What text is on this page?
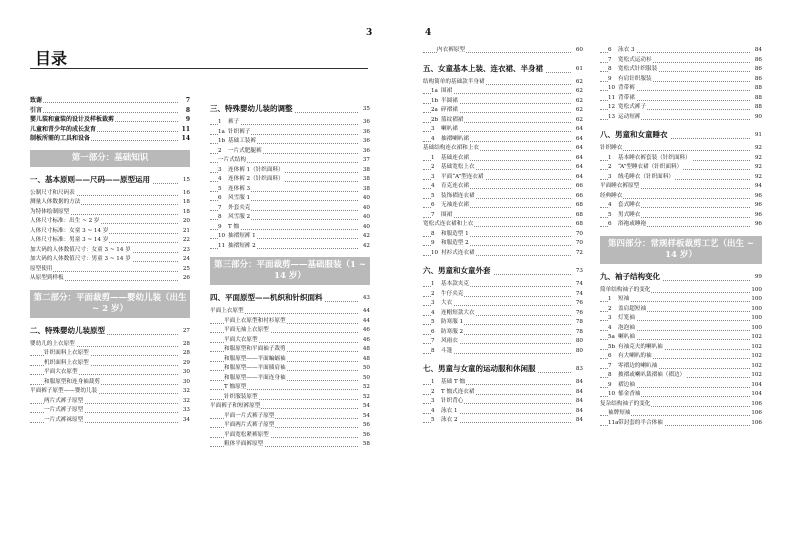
3
目录
致谢	7
引言	8
婴儿装和童装的设计及样板裁剪	9
儿童和青少年的成长发育	11
制板所需的工具和设备	14
第一部分：基础知识
一、基本原则——尺码——原型运用	15
公制尺寸和尺码表	16
测量人体数据的方法	18
为特体绘制原型	18
人体尺寸标准：出生 ~ 2 岁	20
人体尺寸标准：女童 3 ~ 14 岁	21
人体尺寸标准：男童 3 ~ 14 岁	22
加大码的人体数值尺寸：女童 3 ~ 14 岁	23
加大码的人体数值尺寸：男童 3 ~ 14 岁	24
原型使用	25
从原型到样板	26
第二部分：平面裁剪——婴幼儿装（出生 ~ 2 岁）
二、特殊婴幼儿装原型	27
婴幼儿的上衣原型	28
针织面料上衣原型	28
机织面料上衣原型	29
平面大衣原型	30
和服原型和连身袖裁剪	30
平面裤子原型——婴幼儿装	32
两片式裤子原型	32
一片式裤子原型	33
一片式裤袜原型	34
三、特殊婴幼儿装的调整	35
1 裤子	36
1a 针织裤子	36
1b 基础工装裤	36
2 一片式肥腿裤	36
一片式结构	37
3 连体裤 1（针织面料）	38
4 连体裤 2（针织面料）	38
5 连体裤 3	38
6 风雪服 1	40
7 外套夹克	40
8 风雪服 2	40
9 T 恤	40
10 抽褶短裤 1	42
11 抽褶短裤 2	42
第三部分：平面裁剪——基础服装（1 ~ 14 岁）
四、平面原型——机织和针织面料	43
平面上衣原型	44
平面上衣原型和衬衫原型	44
平面无袖上衣原型	46
平面大衣原型	46
和服原型和平面袖子裁剪	48
和服原型——平面蝙蝠袖	48
和服原型——平面插肩袖	50
和服原型——平面连身袖	50
T 恤原型	52
针织服装原型	52
平面裤子和短裤原型	54
平面一片式裤子原型	54
平面两片式裤子原型	56
平面宽松紧裤原型	56
粗体平面裤原型	58
4
内衣裤原型	60
五、女童基本上装、连衣裙、半身裙	61
结构简单的基础款半身裙	62
1a 围裙	62
1b 半圆裙	62
2a 碎褶裙	62
2b 篮纹褶裙	62
3 喇叭裙	64
4 抽褶喇叭裙	64
基础结构连衣裙和上衣	64
1 基础连衣裙	64
2 基础宽松上衣	64
3 平面“A”型连衣裙	64
4 育克连衣裙	66
5 装饰褶连衣裙	66
6 无袖连衣裙	68
7 围裙	68
宽松式连衣裙和上衣	68
8 和服造型 1	70
9 和服造型 2	70
10 衬衫式连衣裙	72
六、男童和女童外套	73
1 基本款夹克	74
2 牛仔夹克	74
3 大衣	76
4 连帽短款大衣	76
5 防寒服 1	78
6 防寒服 2	78
7 风雨衣	80
8 斗篷	80
七、男童与女童的运动服和休闲服	83
1 基础 T 恤	84
2 T 恤式连衣裙	84
3 针织背心	84
4 泳衣 1	84
5 泳衣 2	84
6 泳衣 3	84
7 宽松式运动衫	86
8 宽松式针织服装	86
9 有肩针织服装	86
10 背带裤	88
11 背带裙	88
12 宽松式裤子	88
13 运动短裤	90
八、男童和女童睡衣	91
针织睡衣	92
1 基本睡衣裤套装（针织面料）	92
2 “A”型睡衣裙（针织面料）	92
3 绒毛睡衣（针织面料）	92
平面睡衣裤原型	94
经典睡衣	96
4 套式睡衣	96
5 男式睡衣	96
6 浴袍或睡袍	96
第四部分：常规样板裁剪工艺（出生 ~ 14 岁）
九、袖子结构变化	99
简单结构袖子的变化	100
1 短袖	100
2 盖肩超短袖	100
3 灯笼袖	100
4 泡泡袖	100
5a 喇叭袖	102
5b 有袖克夫的喇叭袖	102
6 有大喇叭的袖	102
7 零褶边的喇叭袖	102
8 披褶或喇叭裁褶袖（褶边）	102
9 褶边袖	104
10 郁金香袖	104
复杂结构袖子的变化	106
袖牌短袖	106
11a带封套的半合体袖	106
